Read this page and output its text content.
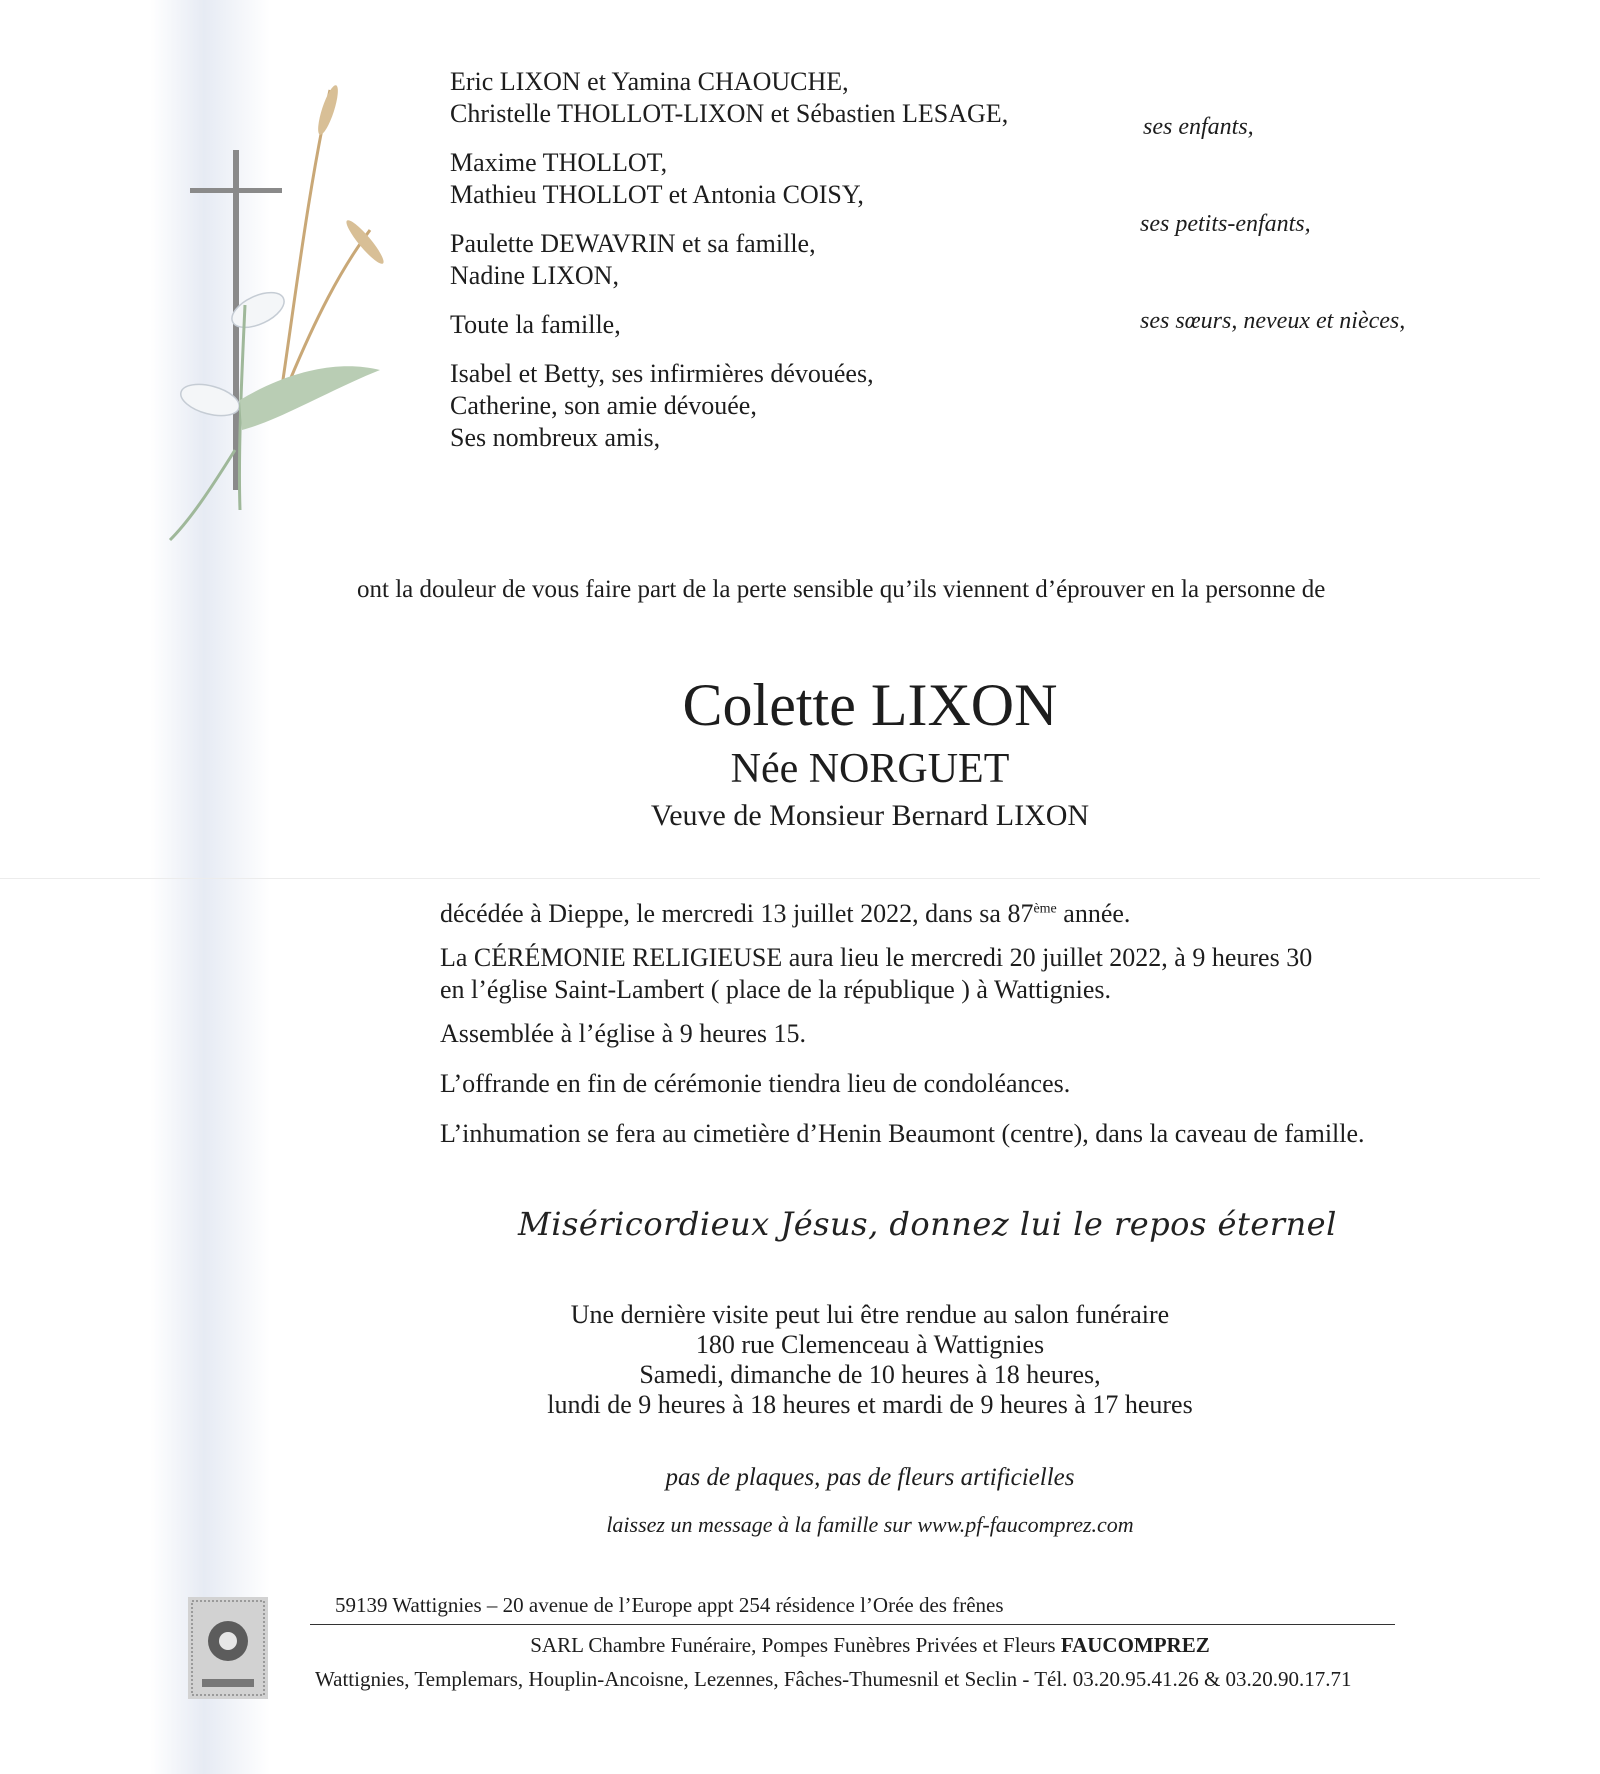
Eric LIXON et Yamina CHAOUCHE,
Christelle THOLLOT-LIXON et Sébastien LESAGE,
Maxime THOLLOT,
Mathieu THOLLOT et Antonia COISY,
Paulette DEWAVRIN et sa famille,
Nadine LIXON,
Toute la famille,
Isabel et Betty, ses infirmières dévouées,
Catherine, son amie dévouée,
Ses nombreux amis,

ses enfants,

ses petits-enfants,

ses sœurs, neveux et nièces,

ont la douleur de vous faire part de la perte sensible qu’ils viennent d’éprouver en la personne de

Colette LIXON

Née NORGUET

Veuve de Monsieur Bernard LIXON

décédée à Dieppe, le mercredi 13 juillet 2022, dans sa 87ème année.

La CÉRÉMONIE RELIGIEUSE aura lieu le mercredi 20 juillet 2022, à 9 heures 30

en l’église Saint-Lambert ( place de la république ) à Wattignies.

Assemblée à l’église à 9 heures 15.

L’offrande en fin de cérémonie tiendra lieu de condoléances.

L’inhumation se fera au cimetière d’Henin Beaumont (centre), dans la caveau de famille.

Miséricordieux Jésus, donnez lui le repos éternel

Une dernière visite peut lui être rendue au salon funéraire

180 rue Clemenceau à Wattignies

Samedi, dimanche de 10 heures à 18 heures,

lundi de 9 heures à 18 heures et mardi de 9 heures à 17 heures

pas de plaques, pas de fleurs artificielles

laissez un message à la famille sur www.pf-faucomprez.com

59139 Wattignies – 20 avenue de l’Europe appt 254 résidence l’Orée des frênes

SARL Chambre Funéraire, Pompes Funèbres Privées et Fleurs FAUCOMPREZ

Wattignies, Templemars, Houplin-Ancoisne, Lezennes, Fâches-Thumesnil et Seclin - Tél. 03.20.95.41.26 & 03.20.90.17.71
